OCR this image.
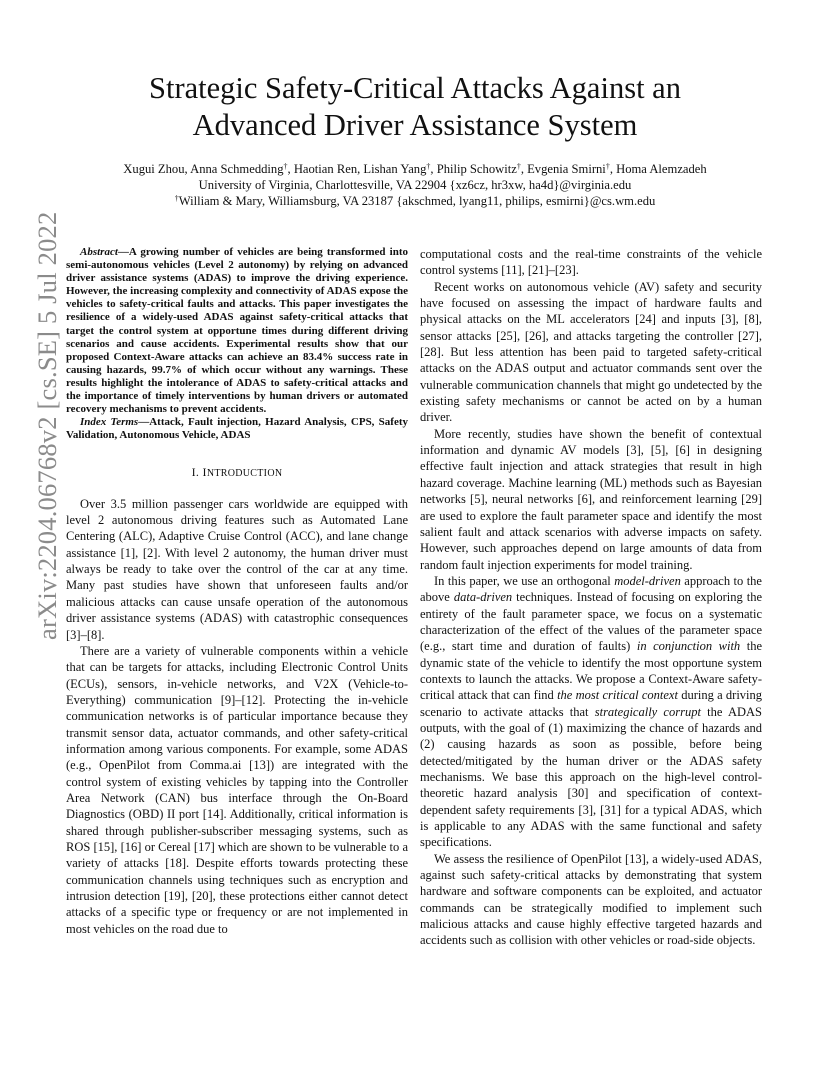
arXiv:2204.06768v2 [cs.SE] 5 Jul 2022
Strategic Safety-Critical Attacks Against an
Advanced Driver Assistance System
Xugui Zhou, Anna Schmedding†, Haotian Ren, Lishan Yang†, Philip Schowitz†, Evgenia Smirni†, Homa Alemzadeh
University of Virginia, Charlottesville, VA 22904 {xz6cz, hr3xw, ha4d}@virginia.edu
†William & Mary, Williamsburg, VA 23187 {akschmed, lyang11, philips, esmirni}@cs.wm.edu

Abstract—A growing number of vehicles are being transformed into semi-autonomous vehicles (Level 2 autonomy) by relying on advanced driver assistance systems (ADAS) to improve the driving experience. However, the increasing complexity and connectivity of ADAS expose the vehicles to safety-critical faults and attacks. This paper investigates the resilience of a widely-used ADAS against safety-critical attacks that target the control system at opportune times during different driving scenarios and cause accidents. Experimental results show that our proposed Context-Aware attacks can achieve an 83.4% success rate in causing hazards, 99.7% of which occur without any warnings. These results highlight the intolerance of ADAS to safety-critical attacks and the importance of timely interventions by human drivers or automated recovery mechanisms to prevent accidents.

Index Terms—Attack, Fault injection, Hazard Analysis, CPS, Safety Validation, Autonomous Vehicle, ADAS

I. INTRODUCTION

Over 3.5 million passenger cars worldwide are equipped with level 2 autonomous driving features such as Automated Lane Centering (ALC), Adaptive Cruise Control (ACC), and lane change assistance [1], [2]. With level 2 autonomy, the human driver must always be ready to take over the control of the car at any time. Many past studies have shown that unforeseen faults and/or malicious attacks can cause unsafe operation of the autonomous driver assistance systems (ADAS) with catastrophic consequences [3]–[8].

There are a variety of vulnerable components within a vehicle that can be targets for attacks, including Electronic Control Units (ECUs), sensors, in-vehicle networks, and V2X (Vehicle-to-Everything) communication [9]–[12]. Protecting the in-vehicle communication networks is of particular importance because they transmit sensor data, actuator commands, and other safety-critical information among various components. For example, some ADAS (e.g., OpenPilot from Comma.ai [13]) are integrated with the control system of existing vehicles by tapping into the Controller Area Network (CAN) bus interface through the On-Board Diagnostics (OBD) II port [14]. Additionally, critical information is shared through publisher-subscriber messaging systems, such as ROS [15], [16] or Cereal [17] which are shown to be vulnerable to a variety of attacks [18]. Despite efforts towards protecting these communication channels using techniques such as encryption and intrusion detection [19], [20], these protections either cannot detect attacks of a specific type or frequency or are not implemented in most vehicles on the road due to

computational costs and the real-time constraints of the vehicle control systems [11], [21]–[23].

Recent works on autonomous vehicle (AV) safety and security have focused on assessing the impact of hardware faults and physical attacks on the ML accelerators [24] and inputs [3], [8], sensor attacks [25], [26], and attacks targeting the controller [27], [28]. But less attention has been paid to targeted safety-critical attacks on the ADAS output and actuator commands sent over the vulnerable communication channels that might go undetected by the existing safety mechanisms or cannot be acted on by a human driver.

More recently, studies have shown the benefit of contextual information and dynamic AV models [3], [5], [6] in designing effective fault injection and attack strategies that result in high hazard coverage. Machine learning (ML) methods such as Bayesian networks [5], neural networks [6], and reinforcement learning [29] are used to explore the fault parameter space and identify the most salient fault and attack scenarios with adverse impacts on safety. However, such approaches depend on large amounts of data from random fault injection experiments for model training.

In this paper, we use an orthogonal model-driven approach to the above data-driven techniques. Instead of focusing on exploring the entirety of the fault parameter space, we focus on a systematic characterization of the effect of the values of the parameter space (e.g., start time and duration of faults) in conjunction with the dynamic state of the vehicle to identify the most opportune system contexts to launch the attacks. We propose a Context-Aware safety-critical attack that can find the most critical context during a driving scenario to activate attacks that strategically corrupt the ADAS outputs, with the goal of (1) maximizing the chance of hazards and (2) causing hazards as soon as possible, before being detected/mitigated by the human driver or the ADAS safety mechanisms. We base this approach on the high-level control-theoretic hazard analysis [30] and specification of context-dependent safety requirements [3], [31] for a typical ADAS, which is applicable to any ADAS with the same functional and safety specifications.

We assess the resilience of OpenPilot [13], a widely-used ADAS, against such safety-critical attacks by demonstrating that system hardware and software components can be exploited, and actuator commands can be strategically modified to implement such malicious attacks and cause highly effective targeted hazards and accidents such as collision with other vehicles or road-side objects.
